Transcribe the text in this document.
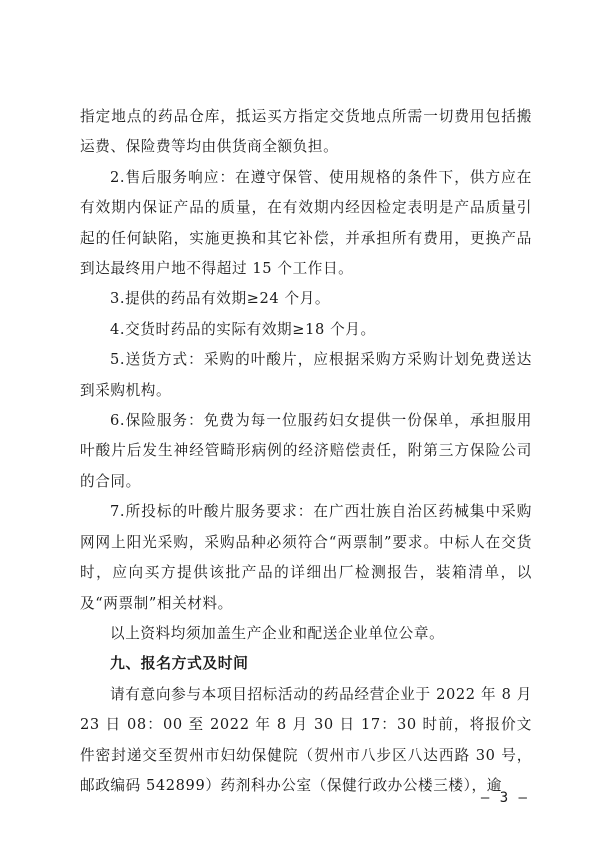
指定地点的药品仓库，抵运买方指定交货地点所需一切费用包括搬运费、保险费等均由供货商全额负担。

2.售后服务响应：在遵守保管、使用规格的条件下，供方应在有效期内保证产品的质量，在有效期内经因检定表明是产品质量引起的任何缺陷，实施更换和其它补偿，并承担所有费用，更换产品到达最终用户地不得超过 15 个工作日。

3.提供的药品有效期≥24 个月。

4.交货时药品的实际有效期≥18 个月。

5.送货方式：采购的叶酸片，应根据采购方采购计划免费送达到采购机构。

6.保险服务：免费为每一位服药妇女提供一份保单，承担服用叶酸片后发生神经管畸形病例的经济赔偿责任，附第三方保险公司的合同。

7.所投标的叶酸片服务要求：在广西壮族自治区药械集中采购网网上阳光采购，采购品种必须符合“两票制”要求。中标人在交货时，应向买方提供该批产品的详细出厂检测报告，装箱清单，以及“两票制”相关材料。

以上资料均须加盖生产企业和配送企业单位公章。

九、报名方式及时间

请有意向参与本项目招标活动的药品经营企业于 2022 年 8 月 23 日 08：00 至 2022 年 8 月 30 日 17：30 时前，将报价文件密封递交至贺州市妇幼保健院（贺州市八步区八达西路 30 号，邮政编码 542899）药剂科办公室（保健行政办公楼三楼），逾

— 3 —
